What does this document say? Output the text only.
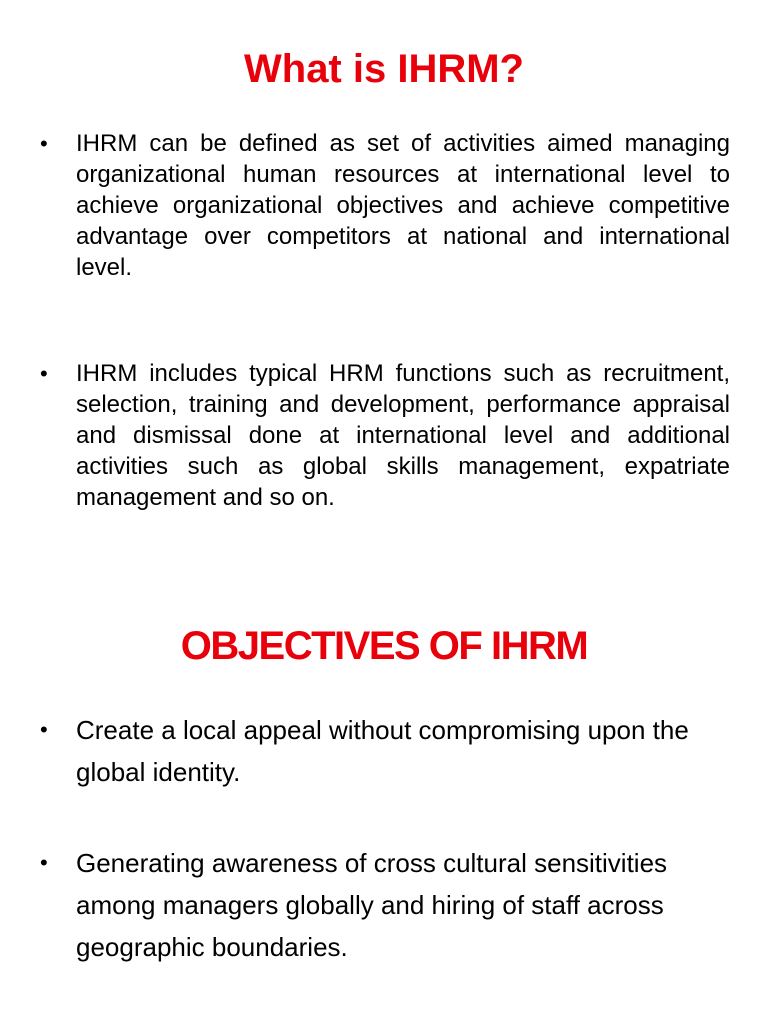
What is IHRM?
•	IHRM can be defined as set of activities aimed managing organizational human resources at international level to achieve organizational objectives and achieve competitive advantage over competitors at national and international level.

•	IHRM includes typical HRM functions such as recruitment, selection, training and development, performance appraisal and dismissal done at international level and additional activities such as global skills management, expatriate management and so on.

OBJECTIVES OF IHRM
•	Create a local appeal without compromising upon the global identity.

•	Generating awareness of cross cultural sensitivities among managers globally and hiring of staff across geographic boundaries.
